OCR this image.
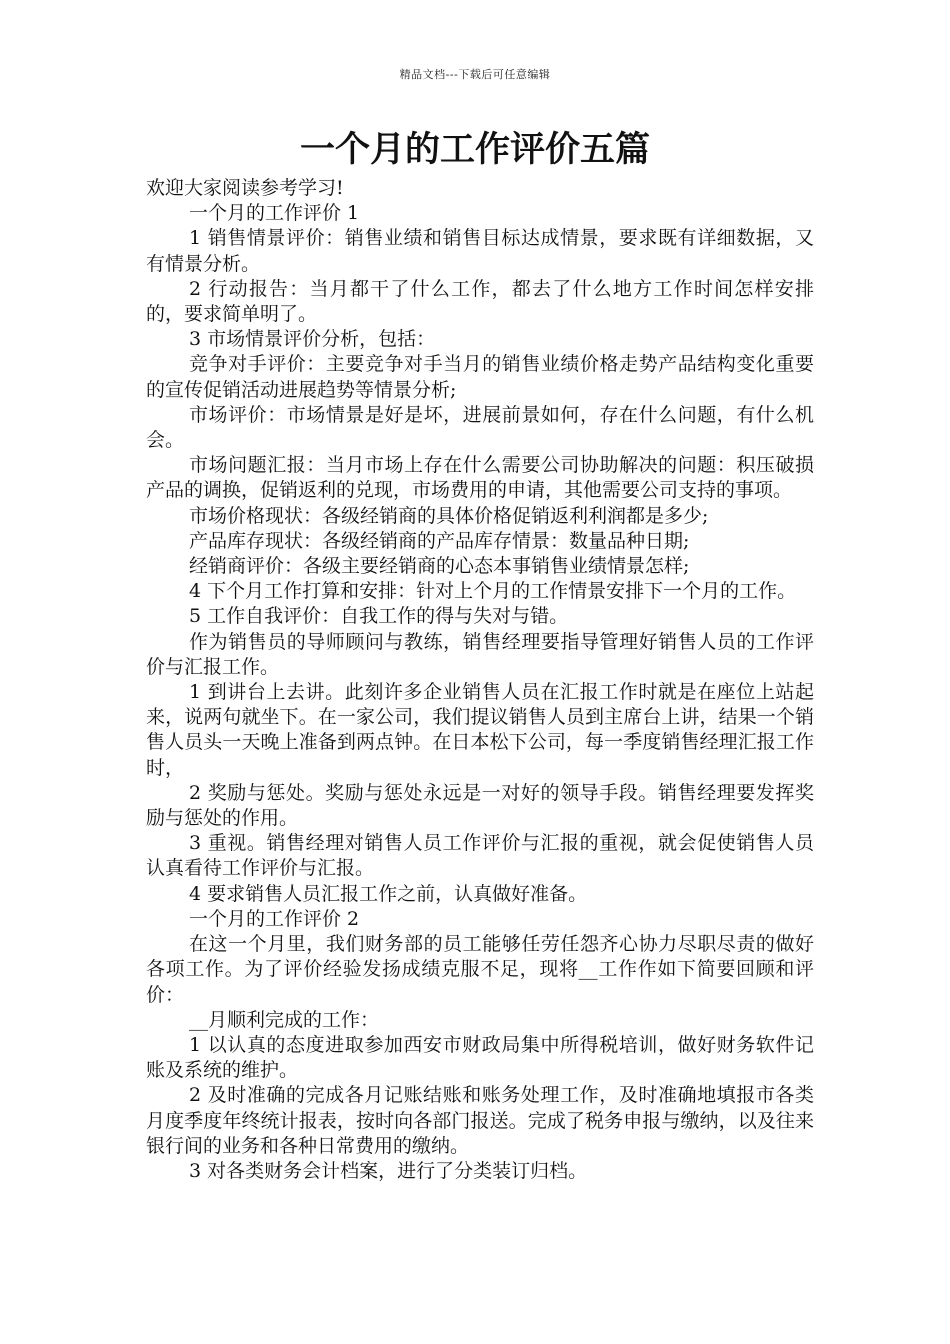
精品文档---下载后可任意编辑
一个月的工作评价五篇

欢迎大家阅读参考学习!

一个月的工作评价 1

1 销售情景评价：销售业绩和销售目标达成情景，要求既有详细数据，又有情景分析。

2 行动报告：当月都干了什么工作，都去了什么地方工作时间怎样安排的，要求简单明了。

3 市场情景评价分析，包括：

竞争对手评价：主要竞争对手当月的销售业绩价格走势产品结构变化重要的宣传促销活动进展趋势等情景分析;

市场评价：市场情景是好是坏，进展前景如何，存在什么问题，有什么机会。

市场问题汇报：当月市场上存在什么需要公司协助解决的问题：积压破损产品的调换，促销返利的兑现，市场费用的申请，其他需要公司支持的事项。

市场价格现状：各级经销商的具体价格促销返利利润都是多少;

产品库存现状：各级经销商的产品库存情景：数量品种日期;

经销商评价：各级主要经销商的心态本事销售业绩情景怎样;

4 下个月工作打算和安排：针对上个月的工作情景安排下一个月的工作。

5 工作自我评价：自我工作的得与失对与错。

作为销售员的导师顾问与教练，销售经理要指导管理好销售人员的工作评价与汇报工作。

1 到讲台上去讲。此刻许多企业销售人员在汇报工作时就是在座位上站起来，说两句就坐下。在一家公司，我们提议销售人员到主席台上讲，结果一个销售人员头一天晚上准备到两点钟。在日本松下公司，每一季度销售经理汇报工作时，

2 奖励与惩处。奖励与惩处永远是一对好的领导手段。销售经理要发挥奖励与惩处的作用。

3 重视。销售经理对销售人员工作评价与汇报的重视，就会促使销售人员认真看待工作评价与汇报。

4 要求销售人员汇报工作之前，认真做好准备。

一个月的工作评价 2

在这一个月里，我们财务部的员工能够任劳任怨齐心协力尽职尽责的做好各项工作。为了评价经验发扬成绩克服不足，现将__工作作如下简要回顾和评价：

__月顺利完成的工作：

1 以认真的态度进取参加西安市财政局集中所得税培训，做好财务软件记账及系统的维护。

2 及时准确的完成各月记账结账和账务处理工作，及时准确地填报市各类月度季度年终统计报表，按时向各部门报送。完成了税务申报与缴纳，以及往来银行间的业务和各种日常费用的缴纳。

3 对各类财务会计档案，进行了分类装订归档。
